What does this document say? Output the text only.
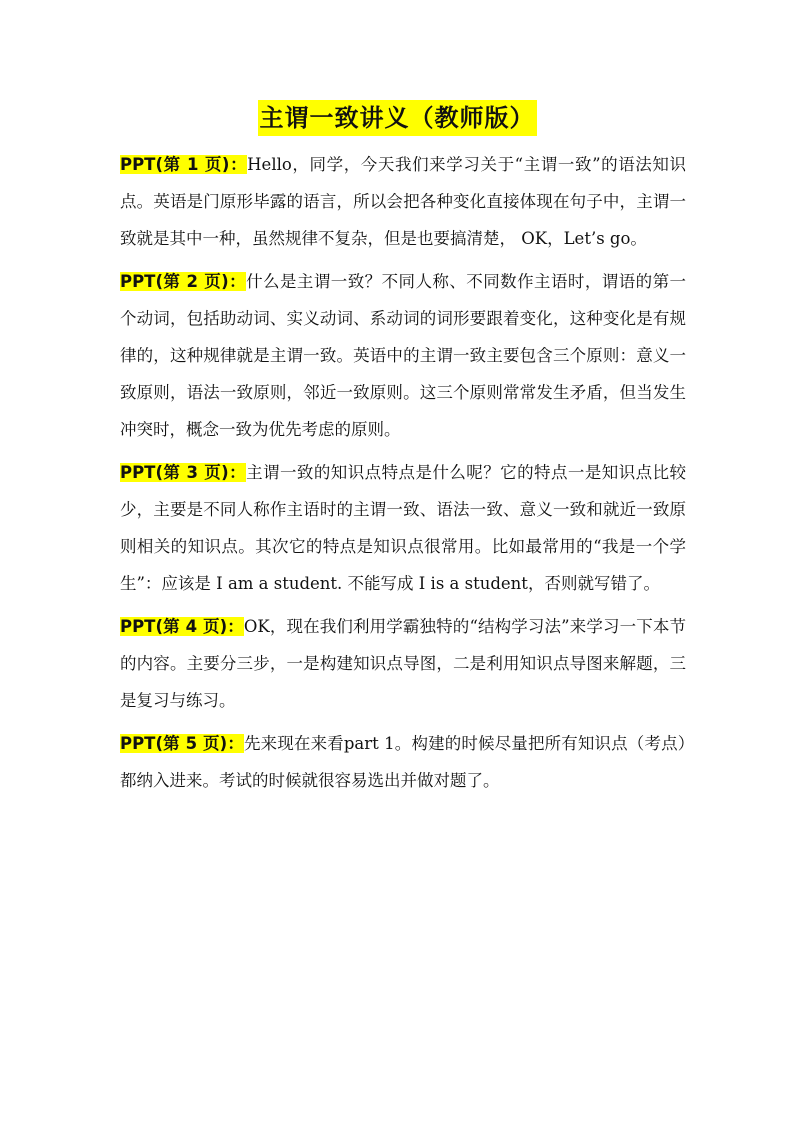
主谓一致讲义（教师版）

PPT(第 1 页)：Hello，同学，今天我们来学习关于“主谓一致”的语法知识点。英语是门原形毕露的语言，所以会把各种变化直接体现在句子中，主谓一致就是其中一种，虽然规律不复杂，但是也要搞清楚， OK，Let’s go。

PPT(第 2 页)：什么是主谓一致？不同人称、不同数作主语时，谓语的第一个动词，包括助动词、实义动词、系动词的词形要跟着变化，这种变化是有规律的，这种规律就是主谓一致。英语中的主谓一致主要包含三个原则：意义一致原则，语法一致原则，邻近一致原则。这三个原则常常发生矛盾，但当发生冲突时，概念一致为优先考虑的原则。

PPT(第 3 页)：主谓一致的知识点特点是什么呢？它的特点一是知识点比较少，主要是不同人称作主语时的主谓一致、语法一致、意义一致和就近一致原则相关的知识点。其次它的特点是知识点很常用。比如最常用的“我是一个学生”：应该是 I am a student. 不能写成 I is a student，否则就写错了。

PPT(第 4 页)：OK，现在我们利用学霸独特的“结构学习法”来学习一下本节的内容。主要分三步，一是构建知识点导图，二是利用知识点导图来解题，三是复习与练习。

PPT(第 5 页)：先来现在来看part 1。构建的时候尽量把所有知识点（考点）都纳入进来。考试的时候就很容易选出并做对题了。
